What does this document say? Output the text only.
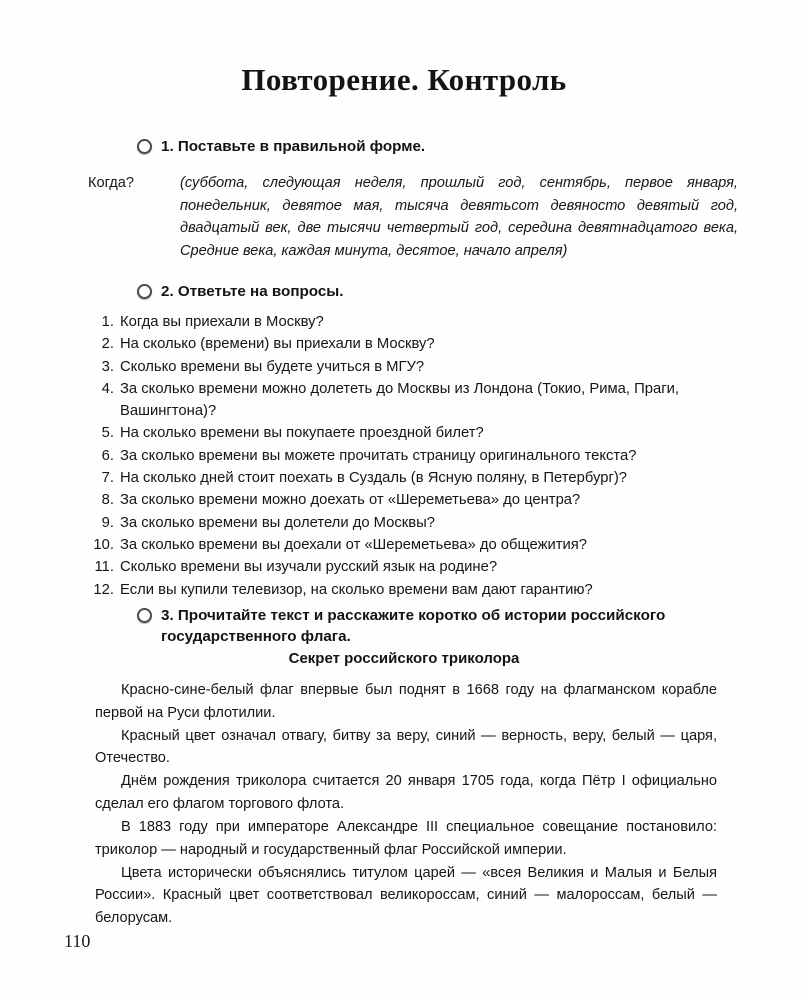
Повторение. Контроль
1. Поставьте в правильной форме.
Когда?	(суббота, следующая неделя, прошлый год, сентябрь, первое января, понедельник, девятое мая, тысяча девятьсот девяносто девятый год, двадцатый век, две тысячи четвертый год, середина девятнадцатого века, Средние века, каждая минута, десятое, начало апреля)
2. Ответьте на вопросы.
1. Когда вы приехали в Москву?
2. На сколько (времени) вы приехали в Москву?
3. Сколько времени вы будете учиться в МГУ?
4. За сколько времени можно долететь до Москвы из Лондона (Токио, Рима, Праги, Вашингтона)?
5. На сколько времени вы покупаете проездной билет?
6. За сколько времени вы можете прочитать страницу оригинального текста?
7. На сколько дней стоит поехать в Суздаль (в Ясную поляну, в Петербург)?
8. За сколько времени можно доехать от «Шереметьева» до центра?
9. За сколько времени вы долетели до Москвы?
10. За сколько времени вы доехали от «Шереметьева» до общежития?
11. Сколько времени вы изучали русский язык на родине?
12. Если вы купили телевизор, на сколько времени вам дают гарантию?
3. Прочитайте текст и расскажите коротко об истории российского государственного флага.
Секрет российского триколора

Красно-сине-белый флаг впервые был поднят в 1668 году на флагманском корабле первой на Руси флотилии.

Красный цвет означал отвагу, битву за веру, синий — верность, веру, белый — царя, Отечество.

Днём рождения триколора считается 20 января 1705 года, когда Пётр I официально сделал его флагом торгового флота.

В 1883 году при императоре Александре III специальное совещание постановило: триколор — народный и государственный флаг Российской империи.

Цвета исторически объяснялись титулом царей — «всея Великия и Малыя и Белыя России». Красный цвет соответствовал великороссам, синий — малороссам, белый — белорусам.

110
